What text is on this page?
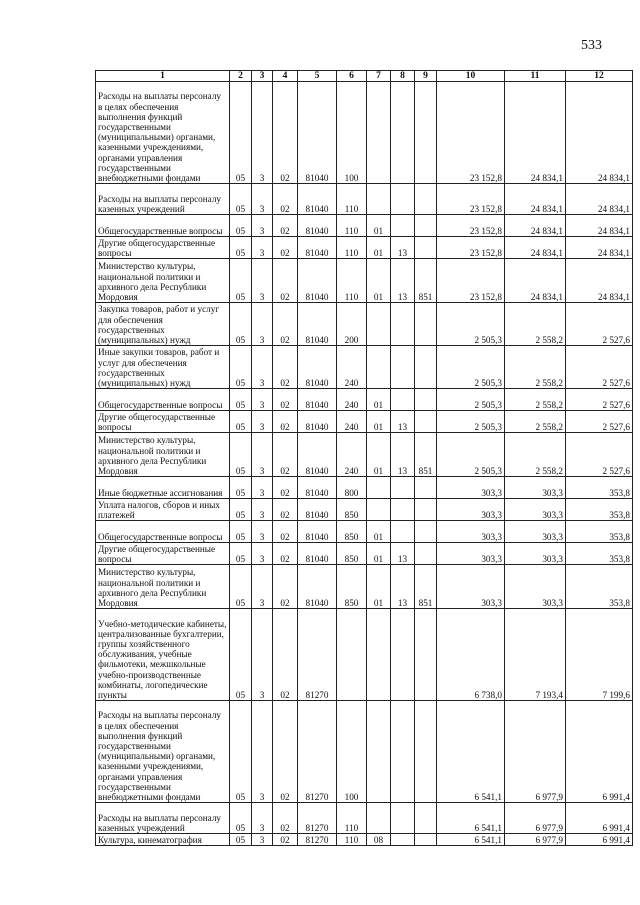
533
1	2	3	4	5	6	7	8	9	10	11	12
Расходы на выплаты персоналу в целях обеспечения выполнения функций государственными (муниципальными) органами, казенными учреждениями, органами управления государственными внебюджетными фондами	05	3	02	81040	100				23 152,8	24 834,1	24 834,1
Расходы на выплаты персоналу казенных учреждений	05	3	02	81040	110				23 152,8	24 834,1	24 834,1
Общегосударственные вопросы	05	3	02	81040	110	01			23 152,8	24 834,1	24 834,1
Другие общегосударственные вопросы	05	3	02	81040	110	01	13		23 152,8	24 834,1	24 834,1
Министерство культуры, национальной политики и архивного дела Республики Мордовия	05	3	02	81040	110	01	13	851	23 152,8	24 834,1	24 834,1
Закупка товаров, работ и услуг для обеспечения государственных (муниципальных) нужд	05	3	02	81040	200				2 505,3	2 558,2	2 527,6
Иные закупки товаров, работ и услуг для обеспечения государственных (муниципальных) нужд	05	3	02	81040	240				2 505,3	2 558,2	2 527,6
Общегосударственные вопросы	05	3	02	81040	240	01			2 505,3	2 558,2	2 527,6
Другие общегосударственные вопросы	05	3	02	81040	240	01	13		2 505,3	2 558,2	2 527,6
Министерство культуры, национальной политики и архивного дела Республики Мордовия	05	3	02	81040	240	01	13	851	2 505,3	2 558,2	2 527,6
Иные бюджетные ассигнования	05	3	02	81040	800				303,3	303,3	353,8
Уплата налогов, сборов и иных платежей	05	3	02	81040	850				303,3	303,3	353,8
Общегосударственные вопросы	05	3	02	81040	850	01			303,3	303,3	353,8
Другие общегосударственные вопросы	05	3	02	81040	850	01	13		303,3	303,3	353,8
Министерство культуры, национальной политики и архивного дела Республики Мордовия	05	3	02	81040	850	01	13	851	303,3	303,3	353,8
Учебно-методические кабинеты, централизованные бухгалтерии, группы хозяйственного обслуживания, учебные фильмотеки, межшкольные учебно-производственные комбинаты, логопедические пункты	05	3	02	81270					6 738,0	7 193,4	7 199,6
Расходы на выплаты персоналу в целях обеспечения выполнения функций государственными (муниципальными) органами, казенными учреждениями, органами управления государственными внебюджетными фондами	05	3	02	81270	100				6 541,1	6 977,9	6 991,4
Расходы на выплаты персоналу казенных учреждений	05	3	02	81270	110				6 541,1	6 977,9	6 991,4
Культура, кинематография	05	3	02	81270	110	08			6 541,1	6 977,9	6 991,4
